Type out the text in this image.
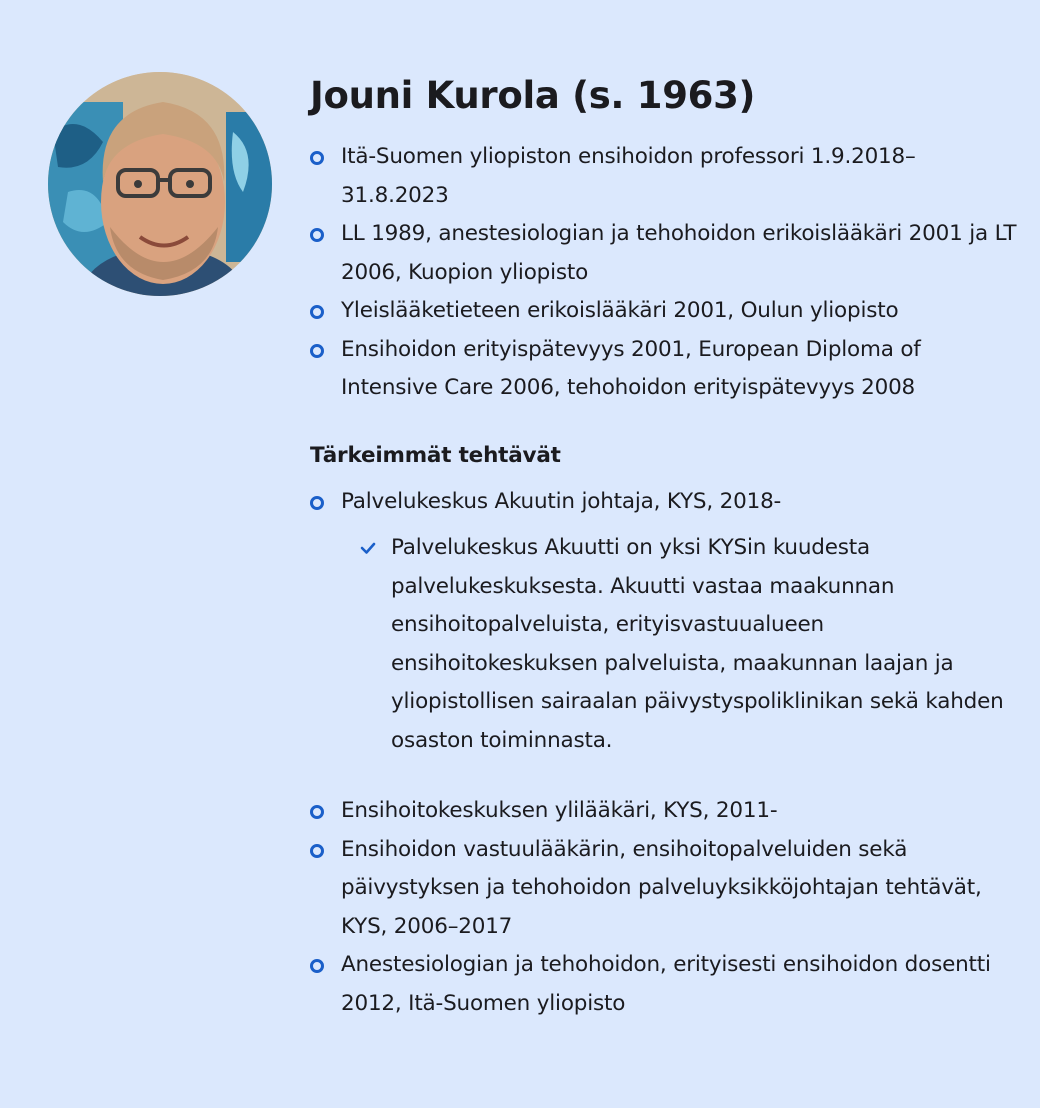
Jouni Kurola (s. 1963)
Itä-Suomen yliopiston ensihoidon professori 1.9.2018–31.8.2023
LL 1989, anestesiologian ja tehohoidon erikoislääkäri 2001 ja LT 2006, Kuopion yliopisto
Yleislääketieteen erikoislääkäri 2001, Oulun yliopisto
Ensihoidon erityispätevyys 2001, European Diploma of Intensive Care 2006, tehohoidon erityispätevyys 2008
Tärkeimmät tehtävät
Palvelukeskus Akuutin johtaja, KYS, 2018-
Palvelukeskus Akuutti on yksi KYSin kuudesta palvelukeskuksesta. Akuutti vastaa maakunnan ensihoitopalveluista, erityisvastuualueen ensihoitokeskuksen palveluista, maakunnan laajan ja yliopistollisen sairaalan päivystyspoliklinikan sekä kahden osaston toiminnasta.
Ensihoitokeskuksen ylilääkäri, KYS, 2011-
Ensihoidon vastuulääkärin, ensihoitopalveluiden sekä päivystyksen ja tehohoidon palveluyksikköjohtajan tehtävät, KYS, 2006–2017
Anestesiologian ja tehohoidon, erityisesti ensihoidon dosentti 2012, Itä-Suomen yliopisto
